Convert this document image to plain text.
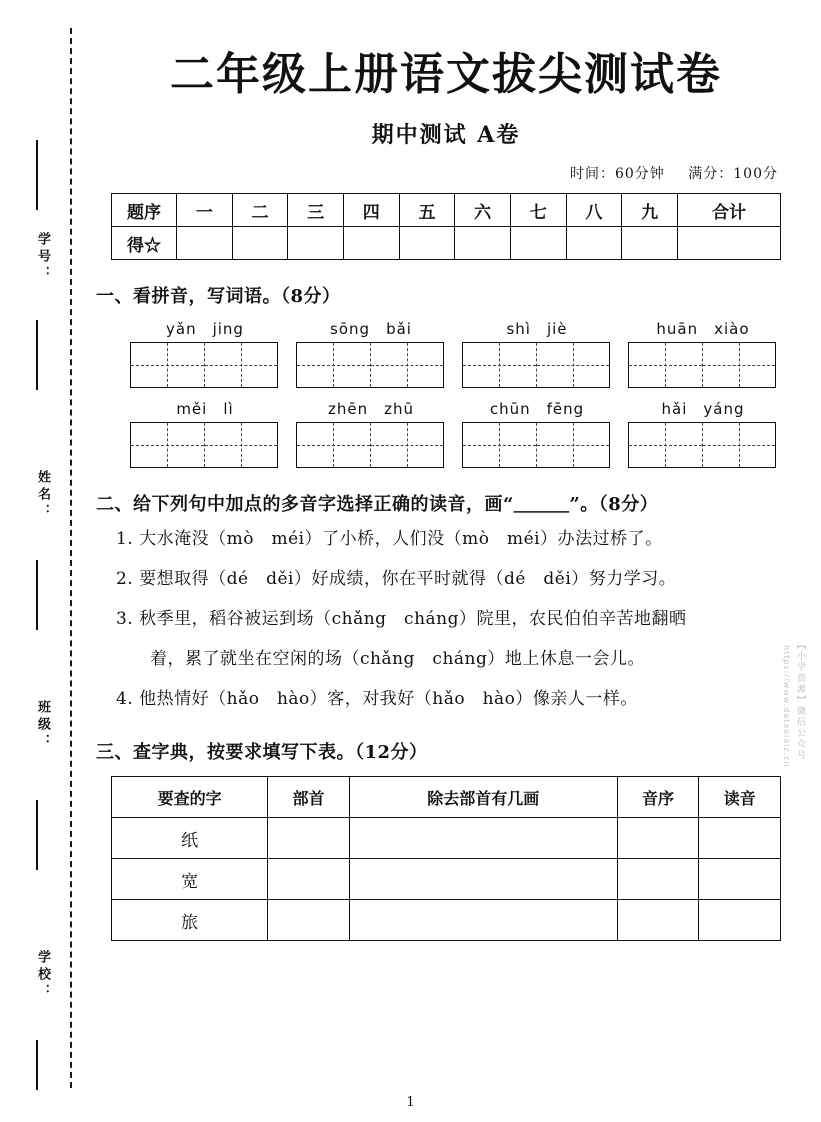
学号：
姓名：
班级：
学校：
二年级上册语文拔尖测试卷
期中测试 A卷
时间：60分钟 满分：100分
题序	一	二	三	四	五	六	七	八	九	合计
得☆										
一、看拼音，写词语。（8分）
yǎn jing	sōng bǎi	shì jiè	huān xiào
měi lì	zhēn zhū	chūn fēng	hǎi yáng
二、给下列句中加点的多音字选择正确的读音，画“＿＿＿”。（8分）
1. 大水淹没（mò　méi）了小桥，人们没（mò　méi）办法过桥了。
2. 要想取得（dé　děi）好成绩，你在平时就得（dé　děi）努力学习。
3. 秋季里，稻谷被运到场（chǎng　cháng）院里，农民伯伯辛苦地翻晒
着，累了就坐在空闲的场（chǎng　cháng）地上休息一会儿。
4. 他热情好（hǎo　hào）客，对我好（hǎo　hào）像亲人一样。
三、查字典，按要求填写下表。（12分）
要查的字	部首	除去部首有几画	音序	读音
纸				
宽				
旅				
【小学资源】微信公众号
https://www.dataolaiz.cn
1
